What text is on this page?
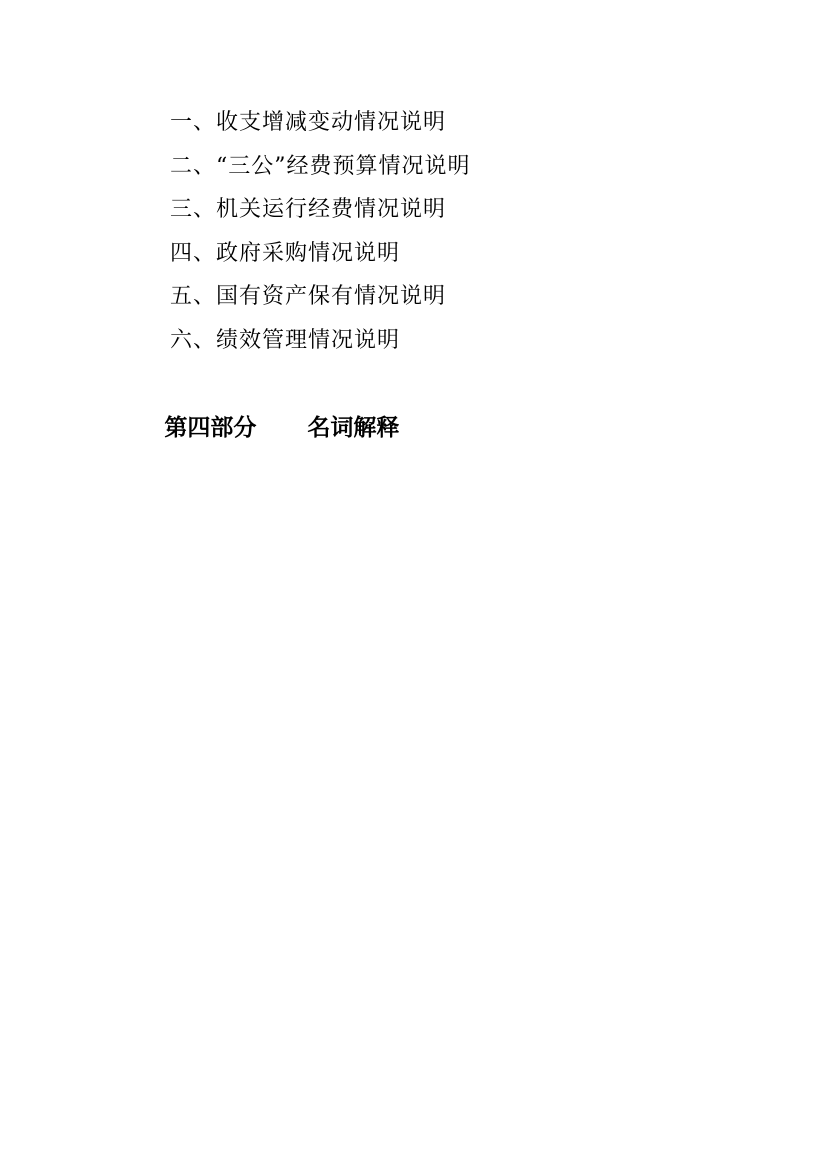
一、收支增减变动情况说明
二、“三公”经费预算情况说明
三、机关运行经费情况说明
四、政府采购情况说明
五、国有资产保有情况说明
六、绩效管理情况说明

第四部分 名词解释
